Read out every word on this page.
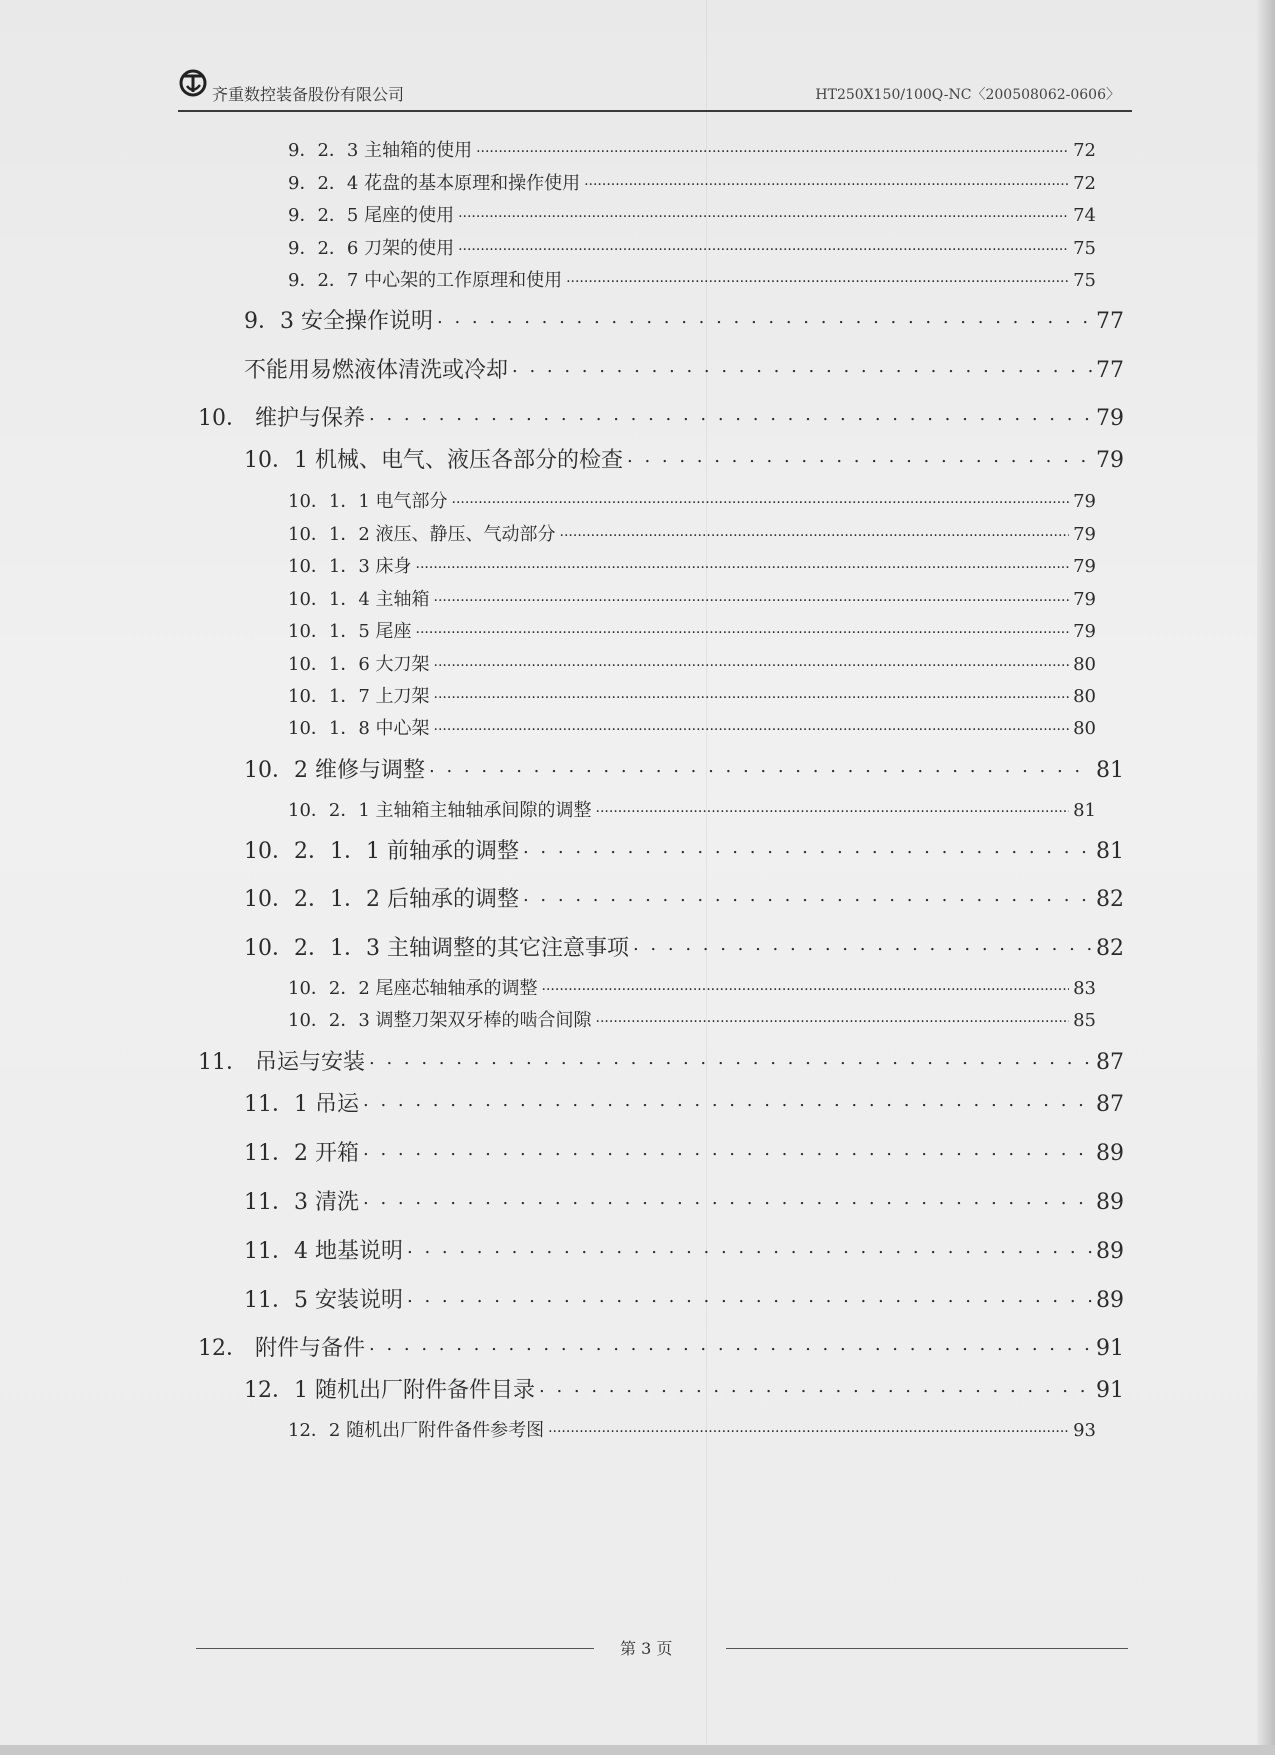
齐重数控装备股份有限公司	HT250X150/100Q-NC〈200508062-0606〉
9．2．3 主轴箱的使用 .....	72
9．2．4 花盘的基本原理和操作使用 .....	72
9．2．5 尾座的使用 .....	74
9．2．6 刀架的使用 .....	75
9．2．7 中心架的工作原理和使用 .....	75
9．3 安全操作说明 . . .	77
不能用易燃液体清洗或冷却 . . .	77
10． 维护与保养 . . .	79
10．1 机械、电气、液压各部分的检查 . . .	79
10．1．1 电气部分 .....	79
10．1．2 液压、静压、气动部分 .....	79
10．1．3 床身 .....	79
10．1．4 主轴箱 .....	79
10．1．5 尾座 .....	79
10．1．6 大刀架 .....	80
10．1．7 上刀架 .....	80
10．1．8 中心架 .....	80
10．2 维修与调整 . . .	81
10．2．1 主轴箱主轴轴承间隙的调整 .....	81
10．2．1．1 前轴承的调整 . . .	81
10．2．1．2 后轴承的调整 . . .	82
10．2．1．3 主轴调整的其它注意事项 . . .	82
10．2．2 尾座芯轴轴承的调整 .....	83
10．2．3 调整刀架双牙棒的啮合间隙 .....	85
11． 吊运与安装 . . .	87
11．1 吊运 . . .	87
11．2 开箱 . . .	89
11．3 清洗 . . .	89
11．4 地基说明 . . .	89
11．5 安装说明 . . .	89
12． 附件与备件 . . .	91
12．1 随机出厂附件备件目录 . . .	91
12．2 随机出厂附件备件参考图 .....	93
第 3 页
